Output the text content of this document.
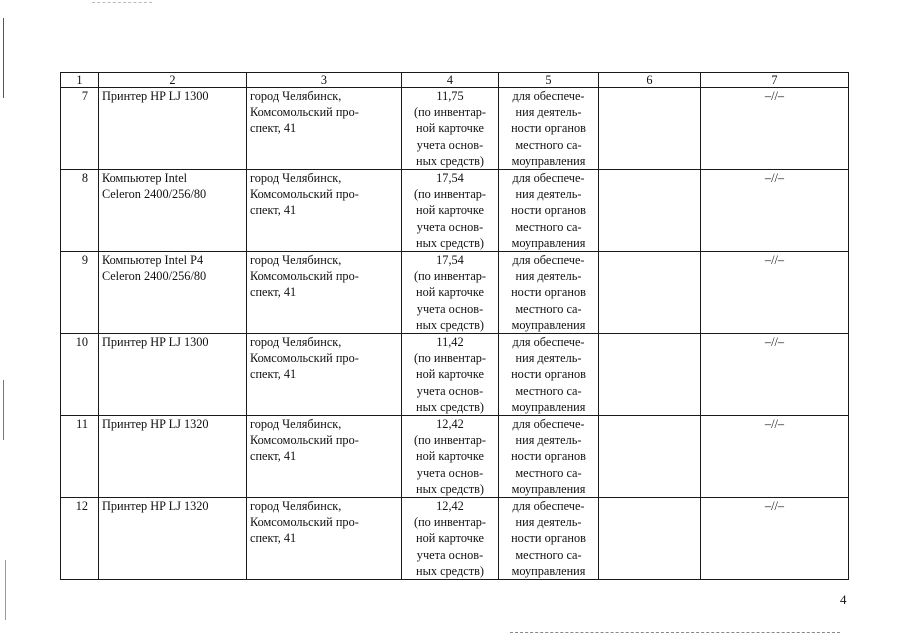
1	2	3	4	5	6	7
7	Принтер HP LJ 1300	город Челябинск,
Комсомольский про-
спект, 41	11,75
(по инвентар-
ной карточке
учета основ-
ных средств)	для обеспече-
ния деятель-
ности органов
местного са-
моуправления		–//–
8	Компьютер Intel
Celeron 2400/256/80	город Челябинск,
Комсомольский про-
спект, 41	17,54
(по инвентар-
ной карточке
учета основ-
ных средств)	для обеспече-
ния деятель-
ности органов
местного са-
моуправления		–//–
9	Компьютер Intel P4
Celeron 2400/256/80	город Челябинск,
Комсомольский про-
спект, 41	17,54
(по инвентар-
ной карточке
учета основ-
ных средств)	для обеспече-
ния деятель-
ности органов
местного са-
моуправления		–//–
10	Принтер HP LJ 1300	город Челябинск,
Комсомольский про-
спект, 41	11,42
(по инвентар-
ной карточке
учета основ-
ных средств)	для обеспече-
ния деятель-
ности органов
местного са-
моуправления		–//–
11	Принтер HP LJ 1320	город Челябинск,
Комсомольский про-
спект, 41	12,42
(по инвентар-
ной карточке
учета основ-
ных средств)	для обеспече-
ния деятель-
ности органов
местного са-
моуправления		–//–
12	Принтер HP LJ 1320	город Челябинск,
Комсомольский про-
спект, 41	12,42
(по инвентар-
ной карточке
учета основ-
ных средств)	для обеспече-
ния деятель-
ности органов
местного са-
моуправления		–//–
4
